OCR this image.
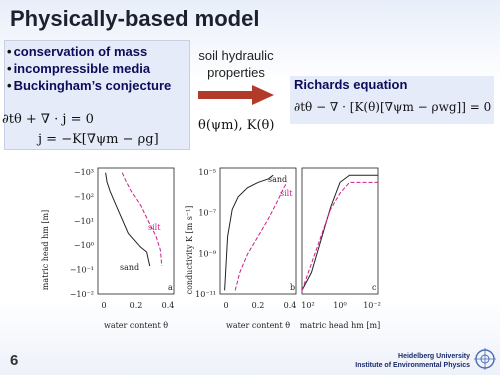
Physically-based model
• conservation of mass
• incompressible media
• Buckingham’s conjecture
∂tθ + ∇ · j = 0
j = −K[∇ψm − ρg]
soil hydraulic properties
θ(ψm), K(θ)
Richards equation
∂tθ − ∇ · [K(θ)[∇ψm − ρwg]] = 0
−10³
−10²
−10¹
−10⁰
−10⁻¹
−10⁻²
0	0.2 0.4
matric head hm [m]
water content θ
a
sand
silt
10⁻⁵
10⁻⁷
10⁻⁹
10⁻¹¹
0	0.2 0.4
conductivity K [m s⁻¹]
water content θ
b
sand
silt
10² 10⁰ 10⁻²
matric head hm [m]
c
6	Heidelberg University
Institute of Environmental Physics
